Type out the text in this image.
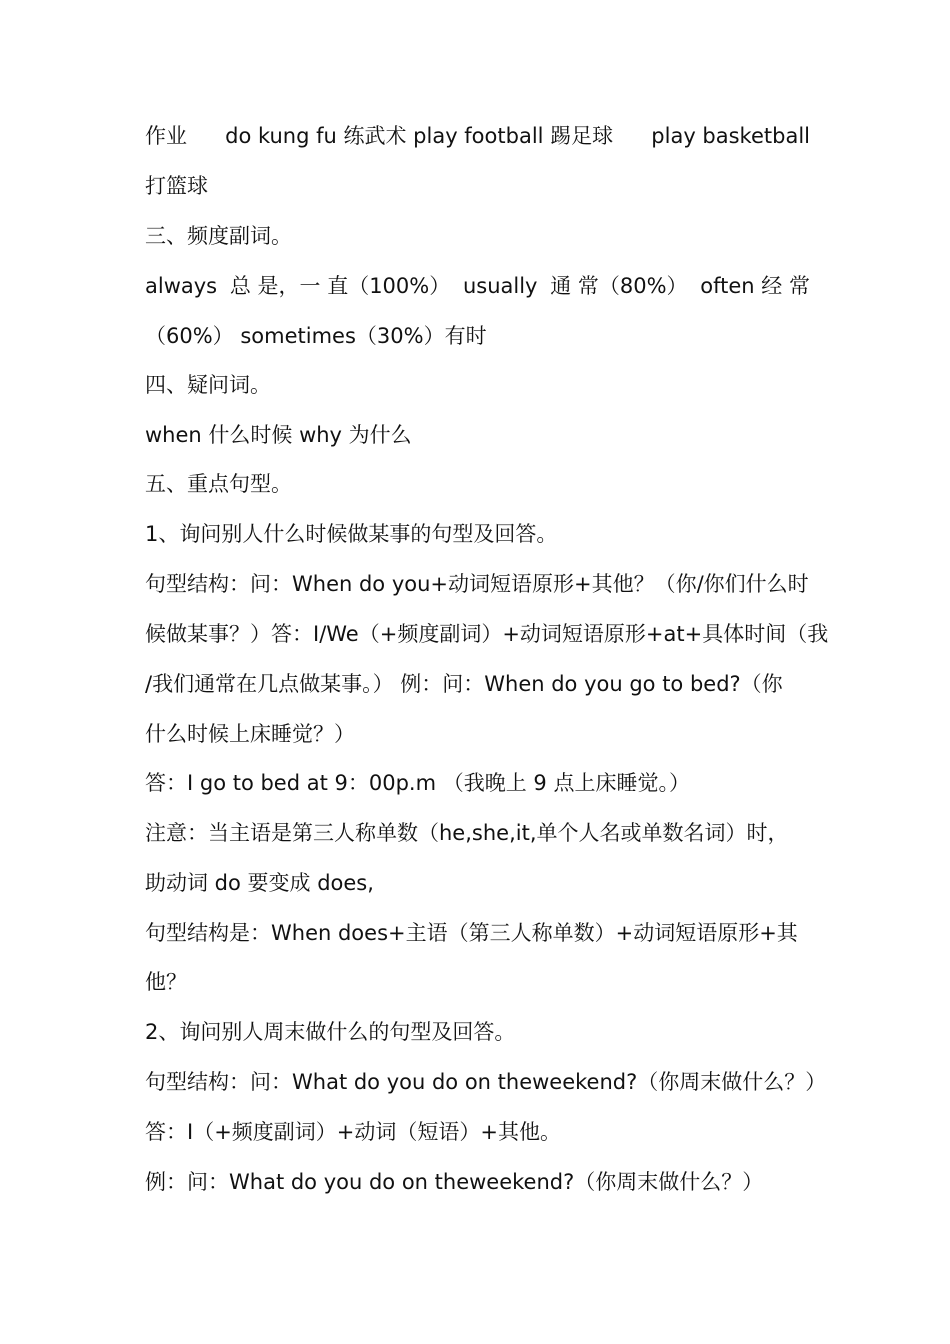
作业 do kung fu 练武术 play football 踢足球 play basketball
打篮球
三、频度副词。
always 总 是，一 直（100%） usually 通 常（80%） often 经 常
（60%） sometimes（30%）有时
四、疑问词。
when 什么时候 why 为什么
五、重点句型。
1、询问别人什么时候做某事的句型及回答。
句型结构：问：When do you+动词短语原形+其他？（你/你们什么时
候做某事？）答：I/We（+频度副词）+动词短语原形+at+具体时间（我
/我们通常在几点做某事。） 例：问：When do you go to bed?（你
什么时候上床睡觉？）
答：I go to bed at 9：00p.m （我晚上 9 点上床睡觉。）
注意：当主语是第三人称单数（he,she,it,单个人名或单数名词）时，
助动词 do 要变成 does,
句型结构是：When does+主语（第三人称单数）+动词短语原形+其
他？
2、询问别人周末做什么的句型及回答。
句型结构：问：What do you do on theweekend?（你周末做什么？）
答：I（+频度副词）+动词（短语）+其他。
例：问：What do you do on theweekend?（你周末做什么？）
